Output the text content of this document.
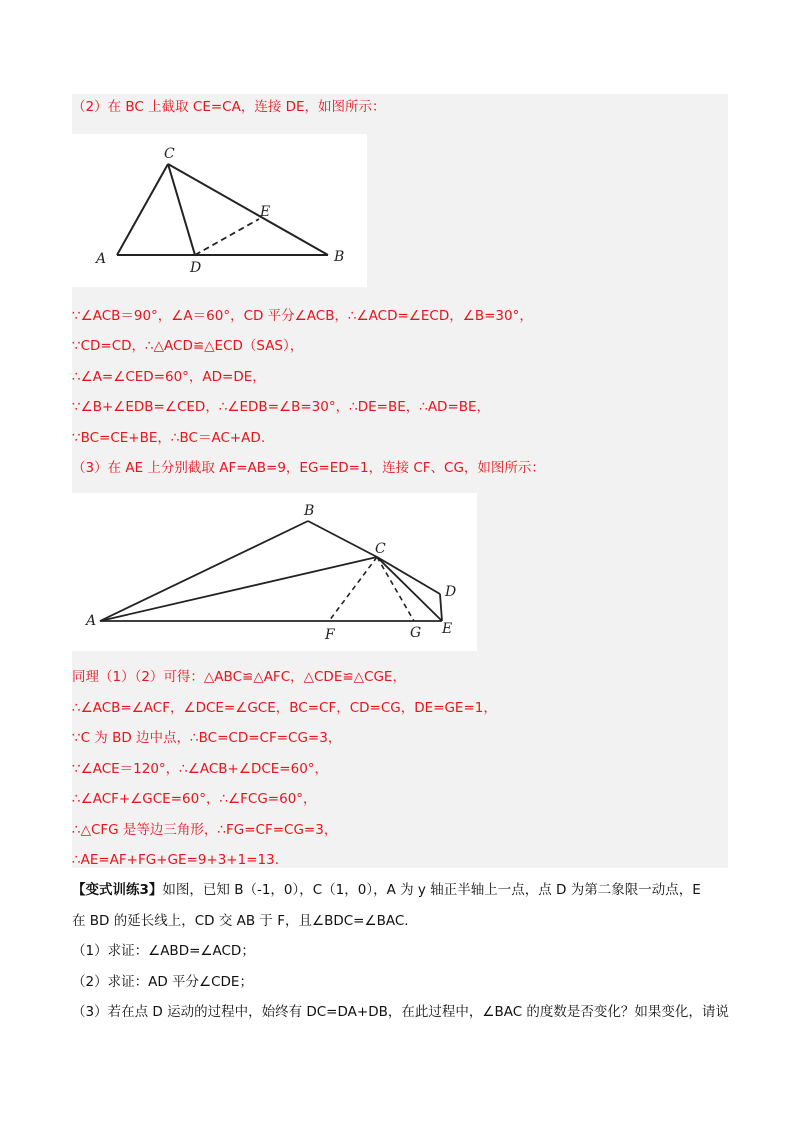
（2）在 BC 上截取 CE=CA，连接 DE，如图所示：
A	B
C
D
E
∵∠ACB＝90°，∠A＝60°，CD 平分∠ACB，∴∠ACD=∠ECD，∠B=30°，
∵CD=CD，∴△ACD≌△ECD（SAS），
∴∠A=∠CED=60°，AD=DE，
∵∠B+∠EDB=∠CED，∴∠EDB=∠B=30°，∴DE=BE，∴AD=BE，
∵BC=CE+BE，∴BC＝AC+AD.
（3）在 AE 上分别截取 AF=AB=9，EG=ED=1，连接 CF、CG，如图所示：
A
B
C
D
E
F	G
同理（1）（2）可得：△ABC≌△AFC，△CDE≌△CGE，
∴∠ACB=∠ACF，∠DCE=∠GCE，BC=CF，CD=CG，DE=GE=1，
∵C 为 BD 边中点，∴BC=CD=CF=CG=3，
∵∠ACE＝120°，∴∠ACB+∠DCE=60°，
∴∠ACF+∠GCE=60°，∴∠FCG=60°，
∴△CFG 是等边三角形，∴FG=CF=CG=3，
∴AE=AF+FG+GE=9+3+1=13.
【变式训练3】如图，已知 B（-1，0），C（1，0），A 为 y 轴正半轴上一点，点 D 为第二象限一动点，E
在 BD 的延长线上，CD 交 AB 于 F，且∠BDC=∠BAC.
（1）求证：∠ABD=∠ACD；
（2）求证：AD 平分∠CDE；
（3）若在点 D 运动的过程中，始终有 DC=DA+DB，在此过程中，∠BAC 的度数是否变化？如果变化，请说
